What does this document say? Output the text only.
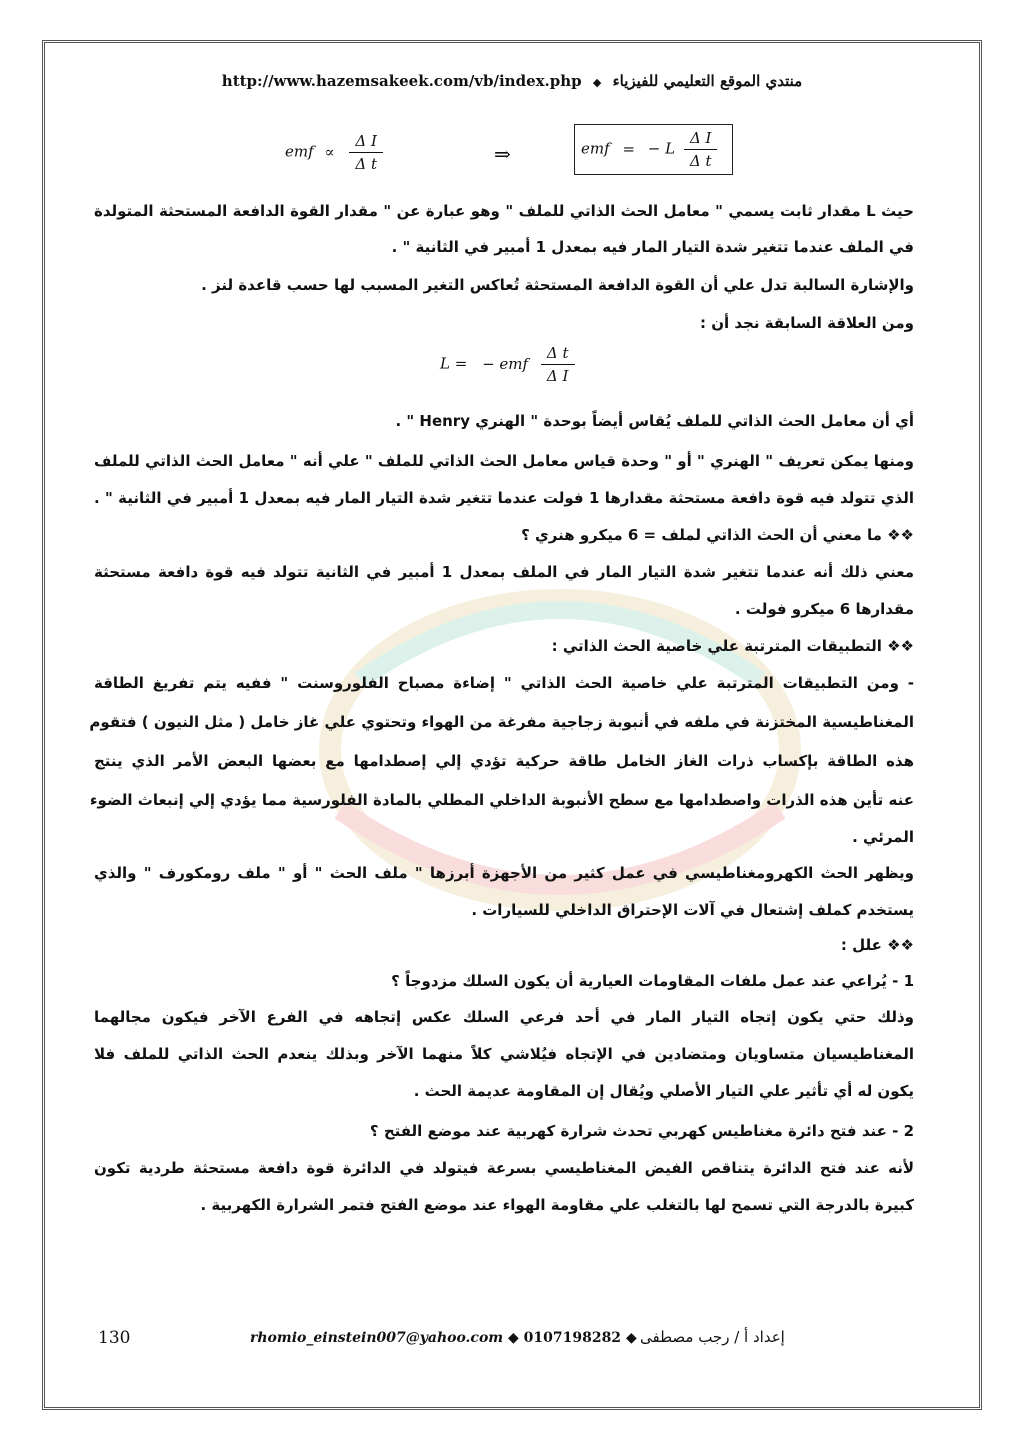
http://www.hazemsakeek.com/vb/index.php ◆ منتدي الموقع التعليمي للفيزياء
emf ∝ $\frac{\text{Δ I}}{\text{Δ t}}$	⇒	emf = − L $\frac{\text{Δ I}}{\text{Δ t}}$
L = − emf $\frac{\text{Δ t}}{\text{Δ I}}$
حيث L مقدار ثابت يسمي " معامل الحث الذاتي للملف " وهو عبارة عن " مقدار القوة الدافعة المستحثة المتولدة
في الملف عندما تتغير شدة التيار المار فيه بمعدل 1 أمبير في الثانية " .
والإشارة السالبة تدل علي أن القوة الدافعة المستحثة تُعاكس التغير المسبب لها حسب قاعدة لنز .
ومن العلاقة السابقة نجد أن :
أي أن معامل الحث الذاتي للملف يُقاس أيضاً بوحدة " الهنري Henry " .
ومنها يمكن تعريف " الهنري " أو " وحدة قياس معامل الحث الذاتي للملف " علي أنه " معامل الحث الذاتي للملف
الذي تتولد فيه قوة دافعة مستحثة مقدارها 1 فولت عندما تتغير شدة التيار المار فيه بمعدل 1 أمبير في الثانية " .
❖❖ ما معني أن الحث الذاتي لملف = 6 ميكرو هنري ؟
معني ذلك أنه عندما تتغير شدة التيار المار في الملف بمعدل 1 أمبير في الثانية تتولد فيه قوة دافعة مستحثة
مقدارها 6 ميكرو فولت .
❖❖ التطبيقات المترتبة علي خاصية الحث الذاتي :
- ومن التطبيقات المترتبة علي خاصية الحث الذاتي " إضاءة مصباح الفلوروسنت " ففيه يتم تفريغ الطاقة
المغناطيسية المختزنة في ملفه في أنبوبة زجاجية مفرغة من الهواء وتحتوي علي غاز خامل ( مثل النيون ) فتقوم
هذه الطاقة بإكساب ذرات الغاز الخامل طاقة حركية تؤدي إلي إصطدامها مع بعضها البعض الأمر الذي ينتج
عنه تأين هذه الذرات واصطدامها مع سطح الأنبوبة الداخلي المطلي بالمادة الفلورسية مما يؤدي إلي إنبعاث الضوء
المرئي .
ويظهر الحث الكهرومغناطيسي في عمل كثير من الأجهزة أبرزها " ملف الحث " أو " ملف رومكورف " والذي
يستخدم كملف إشتعال في آلات الإحتراق الداخلي للسيارات .
❖❖ علل :
1 - يُراعي عند عمل ملفات المقاومات العيارية أن يكون السلك مزدوجاً ؟
وذلك حتي يكون إتجاه التيار المار في أحد فرعي السلك عكس إتجاهه في الفرع الآخر فيكون مجالهما
المغناطيسيان متساويان ومتضادين في الإتجاه فيُلاشي كلاً منهما الآخر وبذلك ينعدم الحث الذاتي للملف فلا
يكون له أي تأثير علي التيار الأصلي ويُقال إن المقاومة عديمة الحث .
2 - عند فتح دائرة مغناطيس كهربي تحدث شرارة كهربية عند موضع الفتح ؟
لأنه عند فتح الدائرة يتناقص الفيض المغناطيسي بسرعة فيتولد في الدائرة قوة دافعة مستحثة طردية تكون
كبيرة بالدرجة التي تسمح لها بالتغلب علي مقاومة الهواء عند موضع الفتح فتمر الشرارة الكهربية .
130	rhomio_einstein007@yahoo.com ◆ 0107198282 ◆ إعداد أ / رجب مصطفى
